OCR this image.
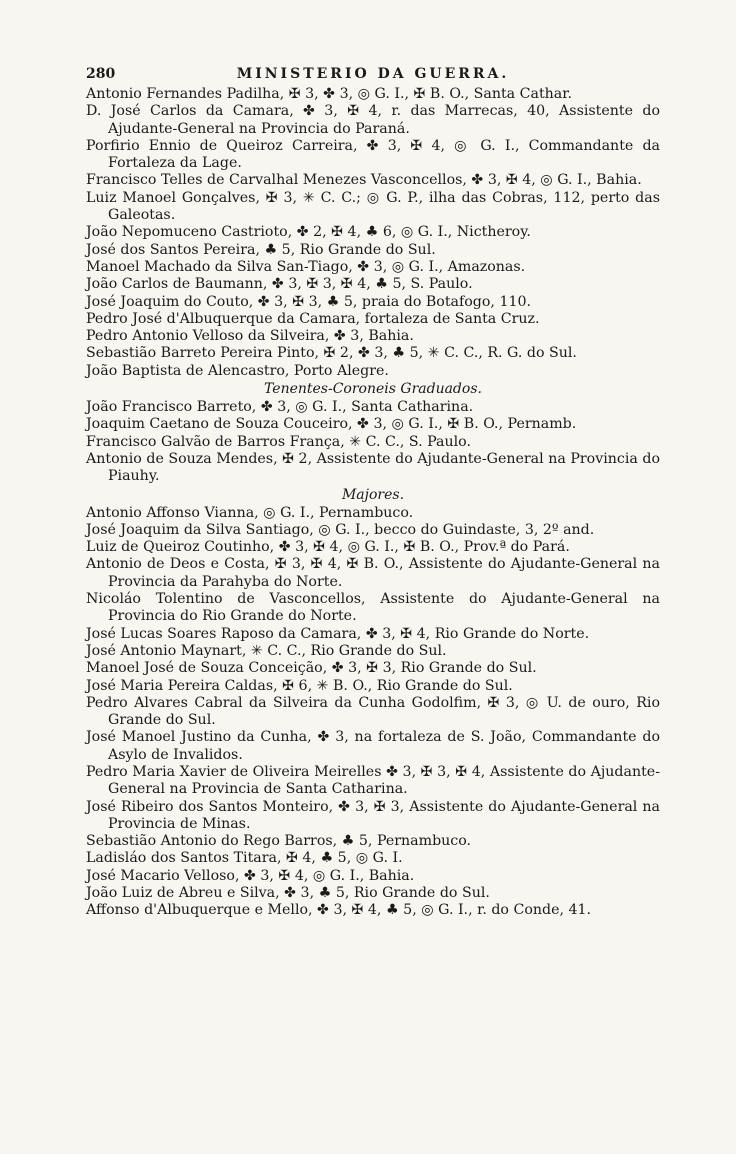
280	MINISTERIO DA GUERRA.
Antonio Fernandes Padilha, ✠ 3, ✤ 3, ◎ G. I., ✠ B. O., Santa Cathar.
D. José Carlos da Camara, ✤ 3, ✠ 4, r. das Marrecas, 40, Assistente do Ajudante-General na Provincia do Paraná.
Porfirio Ennio de Queiroz Carreira, ✤ 3, ✠ 4, ◎ G. I., Commandante da Fortaleza da Lage.
Francisco Telles de Carvalhal Menezes Vasconcellos, ✤ 3, ✠ 4, ◎ G. I., Bahia.
Luiz Manoel Gonçalves, ✠ 3, ✳ C. C.; ◎ G. P., ilha das Cobras, 112, perto das Galeotas.
João Nepomuceno Castrioto, ✤ 2, ✠ 4, ♣ 6, ◎ G. I., Nictheroy.
José dos Santos Pereira, ♣ 5, Rio Grande do Sul.
Manoel Machado da Silva San-Tiago, ✤ 3, ◎ G. I., Amazonas.
João Carlos de Baumann, ✤ 3, ✠ 3, ✠ 4, ♣ 5, S. Paulo.
José Joaquim do Couto, ✤ 3, ✠ 3, ♣ 5, praia do Botafogo, 110.
Pedro José d'Albuquerque da Camara, fortaleza de Santa Cruz.
Pedro Antonio Velloso da Silveira, ✤ 3, Bahia.
Sebastião Barreto Pereira Pinto, ✠ 2, ✤ 3, ♣ 5, ✳ C. C., R. G. do Sul.
João Baptista de Alencastro, Porto Alegre.
Tenentes-Coroneis Graduados.
João Francisco Barreto, ✤ 3, ◎ G. I., Santa Catharina.
Joaquim Caetano de Souza Couceiro, ✤ 3, ◎ G. I., ✠ B. O., Pernamb.
Francisco Galvão de Barros França, ✳ C. C., S. Paulo.
Antonio de Souza Mendes, ✠ 2, Assistente do Ajudante-General na Provincia do Piauhy.
Majores.
Antonio Affonso Vianna, ◎ G. I., Pernambuco.
José Joaquim da Silva Santiago, ◎ G. I., becco do Guindaste, 3, 2º and.
Luiz de Queiroz Coutinho, ✤ 3, ✠ 4, ◎ G. I., ✠ B. O., Prov.ª do Pará.
Antonio de Deos e Costa, ✠ 3, ✠ 4, ✠ B. O., Assistente do Ajudante-General na Provincia da Parahyba do Norte.
Nicoláo Tolentino de Vasconcellos, Assistente do Ajudante-General na Provincia do Rio Grande do Norte.
José Lucas Soares Raposo da Camara, ✤ 3, ✠ 4, Rio Grande do Norte.
José Antonio Maynart, ✳ C. C., Rio Grande do Sul.
Manoel José de Souza Conceição, ✤ 3, ✠ 3, Rio Grande do Sul.
José Maria Pereira Caldas, ✠ 6, ✳ B. O., Rio Grande do Sul.
Pedro Alvares Cabral da Silveira da Cunha Godolfim, ✠ 3, ◎ U. de ouro, Rio Grande do Sul.
José Manoel Justino da Cunha, ✤ 3, na fortaleza de S. João, Commandante do Asylo de Invalidos.
Pedro Maria Xavier de Oliveira Meirelles ✤ 3, ✠ 3, ✠ 4, Assistente do Ajudante-General na Provincia de Santa Catharina.
José Ribeiro dos Santos Monteiro, ✤ 3, ✠ 3, Assistente do Ajudante-General na Provincia de Minas.
Sebastião Antonio do Rego Barros, ♣ 5, Pernambuco.
Ladisláo dos Santos Titara, ✠ 4, ♣ 5, ◎ G. I.
José Macario Velloso, ✤ 3, ✠ 4, ◎ G. I., Bahia.
João Luiz de Abreu e Silva, ✤ 3, ♣ 5, Rio Grande do Sul.
Affonso d'Albuquerque e Mello, ✤ 3, ✠ 4, ♣ 5, ◎ G. I., r. do Conde, 41.
